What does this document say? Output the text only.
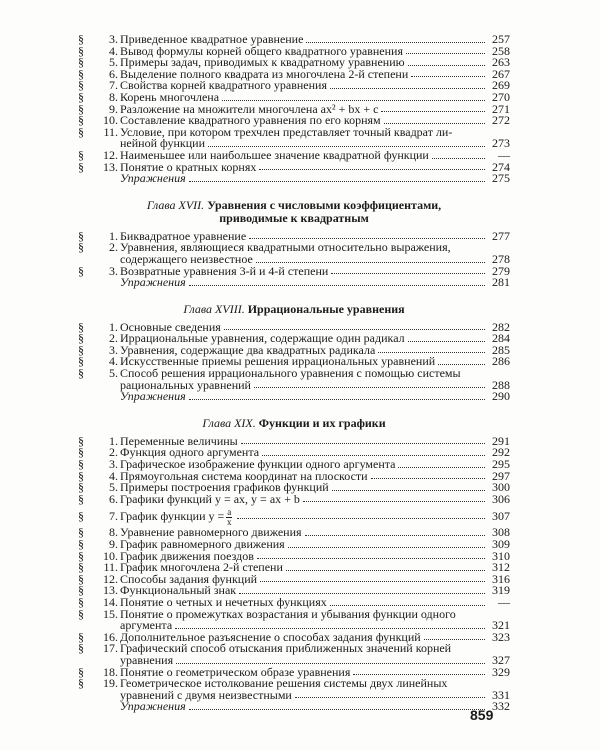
§	3. Приведенное квадратное уравнение	257
§	4. Вывод формулы корней общего квадратного уравнения	258
§	5. Примеры задач, приводимых к квадратному уравнению	263
§	6. Выделение полного квадрата из многочлена 2-й степени	267
§	7. Свойства корней квадратного уравнения	269
§	8. Корень многочлена	270
§	9. Разложение на множители многочлена ax² + bx + c	271
§	10. Составление квадратного уравнения по его корням	272
§	11. Условие, при котором трехчлен представляет точный квадрат ли-
нейной функции	273
§	12. Наименьшее или наибольшее значение квадратной функции	—
§	13. Понятие о кратных корнях	274
Упражнения	275
Глава XVII. Уравнения с числовыми коэффициентами,
приводимые к квадратным
§	1. Биквадратное уравнение	277
§	2. Уравнения, являющиеся квадратными относительно выражения,
содержащего неизвестное	278
§	3. Возвратные уравнения 3-й и 4-й степени	279
Упражнения	281
Глава XVIII. Иррациональные уравнения
§	1. Основные сведения	282
§	2. Иррациональные уравнения, содержащие один радикал	284
§	3. Уравнения, содержащие два квадратных радикала	285
§	4. Искусственные приемы решения иррациональных уравнений	286
§	5. Способ решения иррационального уравнения с помощью системы
рациональных уравнений	288
Упражнения	290
Глава XIX. Функции и их графики
§	1. Переменные величины	291
§	2. Функция одного аргумента	292
§	3. Графическое изображение функции одного аргумента	295
§	4. Прямоугольная система координат на плоскости	297
§	5. Примеры построения графиков функций	300
§	6. Графики функций y = ax, y = ax + b	306
§	7. График функции $y = \frac{a}{x}$	307
§	8. Уравнение равномерного движения	308
§	9. График равномерного движения	309
§	10. График движения поездов	310
§	11. График многочлена 2-й степени	312
§	12. Способы задания функций	316
§	13. Функциональный знак	319
§	14. Понятие о четных и нечетных функциях	—
§	15. Понятие о промежутках возрастания и убывания функции одного
аргумента	321
§	16. Дополнительное разъяснение о способах задания функций	323
§	17. Графический способ отыскания приближенных значений корней
уравнения	327
§	18. Понятие о геометрическом образе уравнения	329
§	19. Геометрическое истолкование решения системы двух линейных
уравнений с двумя неизвестными	331
Упражнения	332
859
